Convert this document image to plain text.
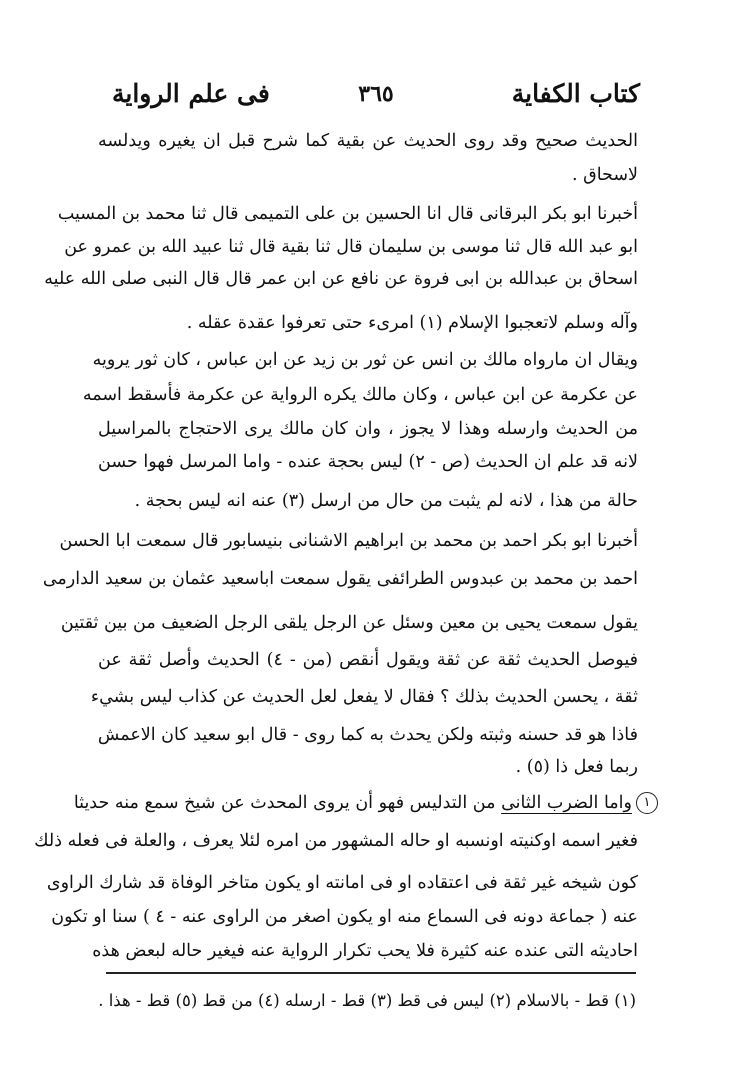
كتاب الكفاية
٣٦٥
فى علم الرواية
الحديث صحيح وقد روى الحديث عن بقية كما شرح قبل ان يغيره ويدلسه
لاسحاق .
أخبرنا ابو بكر البرقانى قال انا الحسين بن على التميمى قال ثنا محمد بن المسيب
ابو عبد الله قال ثنا موسى بن سليمان قال ثنا بقية قال ثنا عبيد الله بن عمرو عن
اسحاق بن عبدالله بن ابى فروة عن نافع عن ابن عمر قال قال النبى صلى الله عليه
وآله وسلم لاتعجبوا الإسلام (١) امرىء حتى تعرفوا عقدة عقله .
ويقال ان مارواه مالك بن انس عن ثور بن زيد عن ابن عباس ، كان ثور يرويه
عن عكرمة عن ابن عباس ، وكان مالك يكره الرواية عن عكرمة فأسقط اسمه
من الحديث وارسله وهذا لا يجوز ، وان كان مالك يرى الاحتجاج بالمراسيل
لانه قد علم ان الحديث (ص - ٢) ليس بحجة عنده - واما المرسل فهوا حسن
حالة من هذا ، لانه لم يثبت من حال من ارسل (٣) عنه انه ليس بحجة .
أخبرنا ابو بكر احمد بن محمد بن ابراهيم الاشنانى بنيسابور قال سمعت ابا الحسن
احمد بن محمد بن عبدوس الطرائفى يقول سمعت اباسعيد عثمان بن سعيد الدارمى
يقول سمعت يحيى بن معين وسئل عن الرجل يلقى الرجل الضعيف من بين ثقتين
فيوصل الحديث ثقة عن ثقة ويقول أنقص (من - ٤) الحديث وأصل ثقة عن
ثقة ، يحسن الحديث بذلك ؟ فقال لا يفعل لعل الحديث عن كذاب ليس بشيء
فاذا هو قد حسنه وثبته ولكن يحدث به كما روى - قال ابو سعيد كان الاعمش
ربما فعل ذا (٥) .
١
واما الضرب الثانى من التدليس فهو أن يروى المحدث عن شيخ سمع منه حديثا
فغير اسمه اوكنيته اونسبه او حاله المشهور من امره لئلا يعرف ، والعلة فى فعله ذلك
كون شيخه غير ثقة فى اعتقاده او فى امانته او يكون متاخر الوفاة قد شارك الراوى
عنه ( جماعة دونه فى السماع منه او يكون اصغر من الراوى عنه - ٤ ) سنا او تكون
احاديثه التى عنده عنه كثيرة فلا يحب تكرار الرواية عنه فيغير حاله لبعض هذه
(١) قط - بالاسلام (٢) ليس فى قط (٣) قط - ارسله (٤) من قط (٥) قط - هذا .
